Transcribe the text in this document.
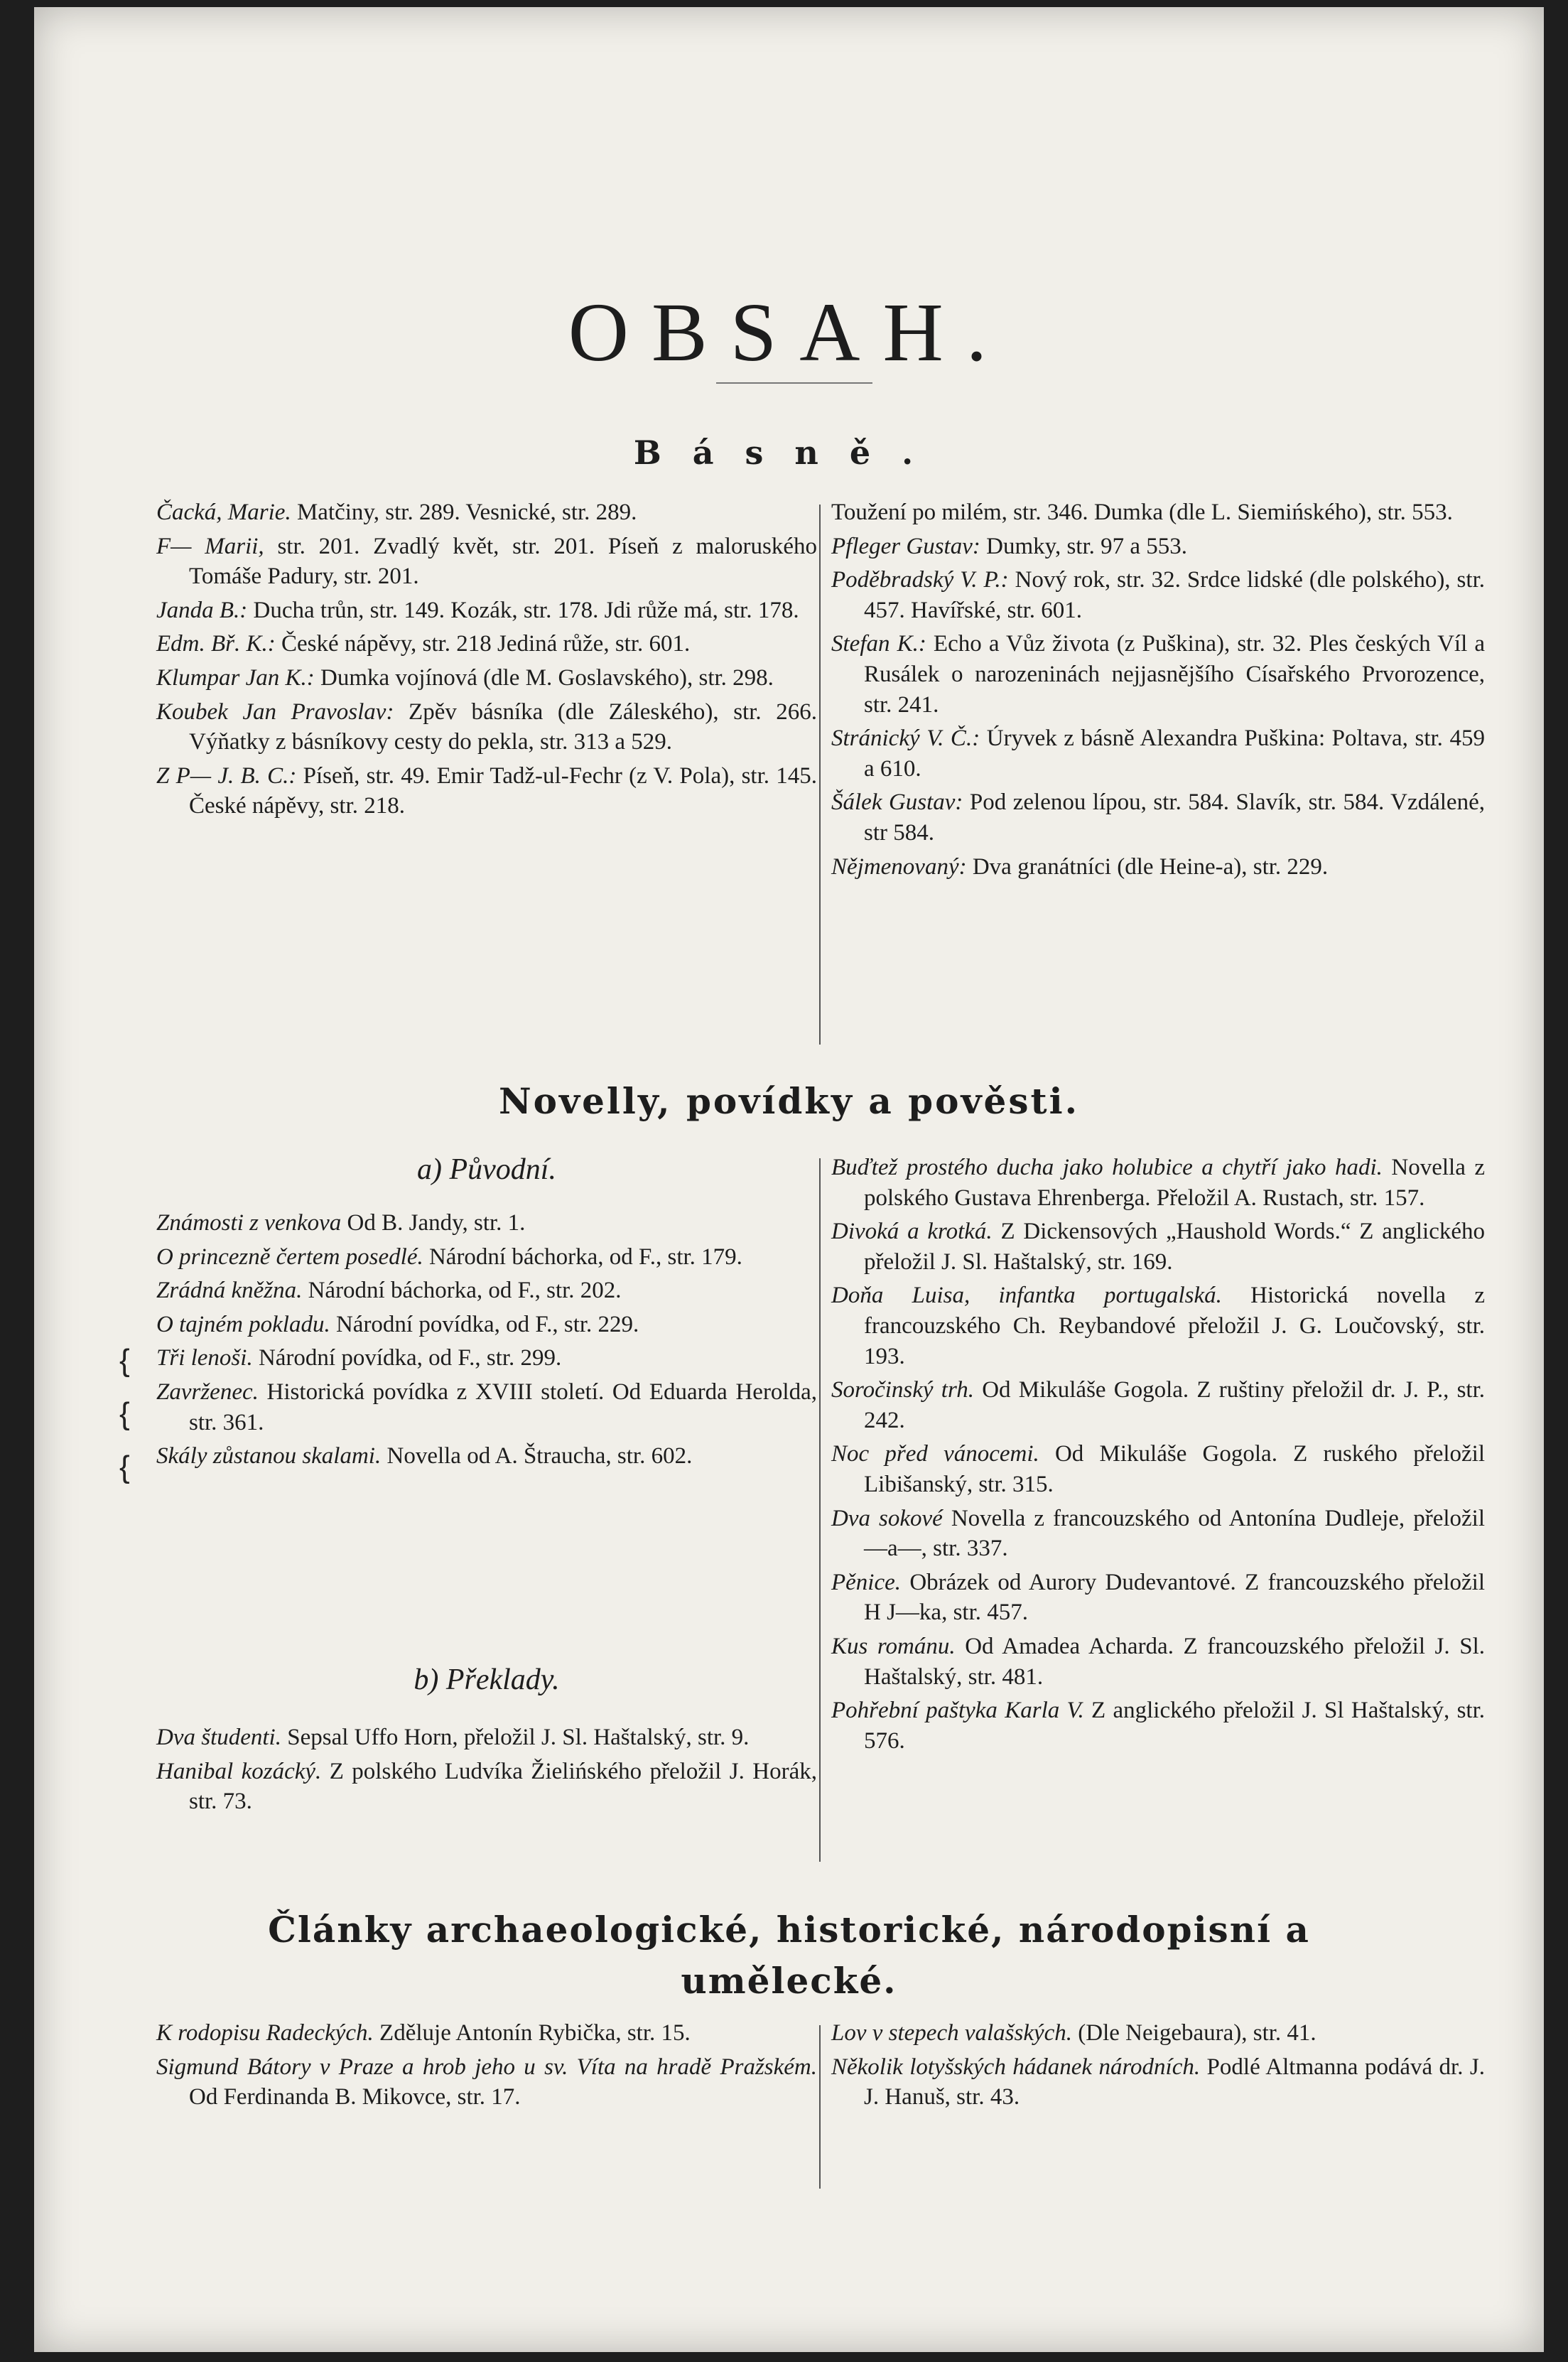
OBSAH.
Básně.

Čacká, Marie. Matčiny, str. 289. Vesnické, str. 289.

F— Marii, str. 201. Zvadlý květ, str. 201. Píseň z maloruského Tomáše Padury, str. 201.

Janda B.: Ducha trůn, str. 149. Kozák, str. 178. Jdi růže má, str. 178.

Edm. Bř. K.: České nápěvy, str. 218 Jediná růže, str. 601.

Klumpar Jan K.: Dumka vojínová (dle M. Goslavského), str. 298.

Koubek Jan Pravoslav: Zpěv básníka (dle Záleského), str. 266. Výňatky z básníkovy cesty do pekla, str. 313 a 529.

Z P— J. B. C.: Píseň, str. 49. Emir Tadž-ul-Fechr (z V. Pola), str. 145. České nápěvy, str. 218.

Toužení po milém, str. 346. Dumka (dle L. Siemińského), str. 553.

Pfleger Gustav: Dumky, str. 97 a 553.

Poděbradský V. P.: Nový rok, str. 32. Srdce lidské (dle polského), str. 457. Havířské, str. 601.

Stefan K.: Echo a Vůz života (z Puškina), str. 32. Ples českých Víl a Rusálek o narozeninách nejjasnějšího Císařského Prvorozence, str. 241.

Stránický V. Č.: Úryvek z básně Alexandra Puškina: Poltava, str. 459 a 610.

Šálek Gustav: Pod zelenou lípou, str. 584. Slavík, str. 584. Vzdálené, str 584.

Nějmenovaný: Dva granátníci (dle Heine-a), str. 229.

Novelly, povídky a pověsti.
a) Původní.

Známosti z venkova Od B. Jandy, str. 1.

O princezně čertem posedlé. Národní báchorka, od F., str. 179.

Zrádná kněžna. Národní báchorka, od F., str. 202.

O tajném pokladu. Národní povídka, od F., str. 229.

Tři lenoši. Národní povídka, od F., str. 299.

Zavrženec. Historická povídka z XVIII století. Od Eduarda Herolda, str. 361.

Skály zůstanou skalami. Novella od A. Štraucha, str. 602.

b) Překlady.

Dva študenti. Sepsal Uffo Horn, přeložil J. Sl. Haštalský, str. 9.

Hanibal kozácký. Z polského Ludvíka Žielińského přeložil J. Horák, str. 73.

Buďtež prostého ducha jako holubice a chytří jako hadi. Novella z polského Gustava Ehrenberga. Přeložil A. Rustach, str. 157.

Divoká a krotká. Z Dickensových „Haushold Words.“ Z anglického přeložil J. Sl. Haštalský, str. 169.

Doňa Luisa, infantka portugalská. Historická novella z francouzského Ch. Reybandové přeložil J. G. Loučovský, str. 193.

Soročinský trh. Od Mikuláše Gogola. Z ruštiny přeložil dr. J. P., str. 242.

Noc před vánocemi. Od Mikuláše Gogola. Z ruského přeložil Libišanský, str. 315.

Dva sokové Novella z francouzského od Antonína Dudleje, přeložil —a—, str. 337.

Pěnice. Obrázek od Aurory Dudevantové. Z francouzského přeložil H J—ka, str. 457.

Kus románu. Od Amadea Acharda. Z francouzského přeložil J. Sl. Haštalský, str. 481.

Pohřební paštyka Karla V. Z anglického přeložil J. Sl Haštalský, str. 576.

Články archaeologické, historické, národopisní a umělecké.

K rodopisu Radeckých. Zděluje Antonín Rybička, str. 15.

Sigmund Bátory v Praze a hrob jeho u sv. Víta na hradě Pražském. Od Ferdinanda B. Mikovce, str. 17.

Lov v stepech valašských. (Dle Neigebaura), str. 41.

Několik lotyšských hádanek národních. Podlé Altmanna podává dr. J. J. Hanuš, str. 43.

{
{
{
